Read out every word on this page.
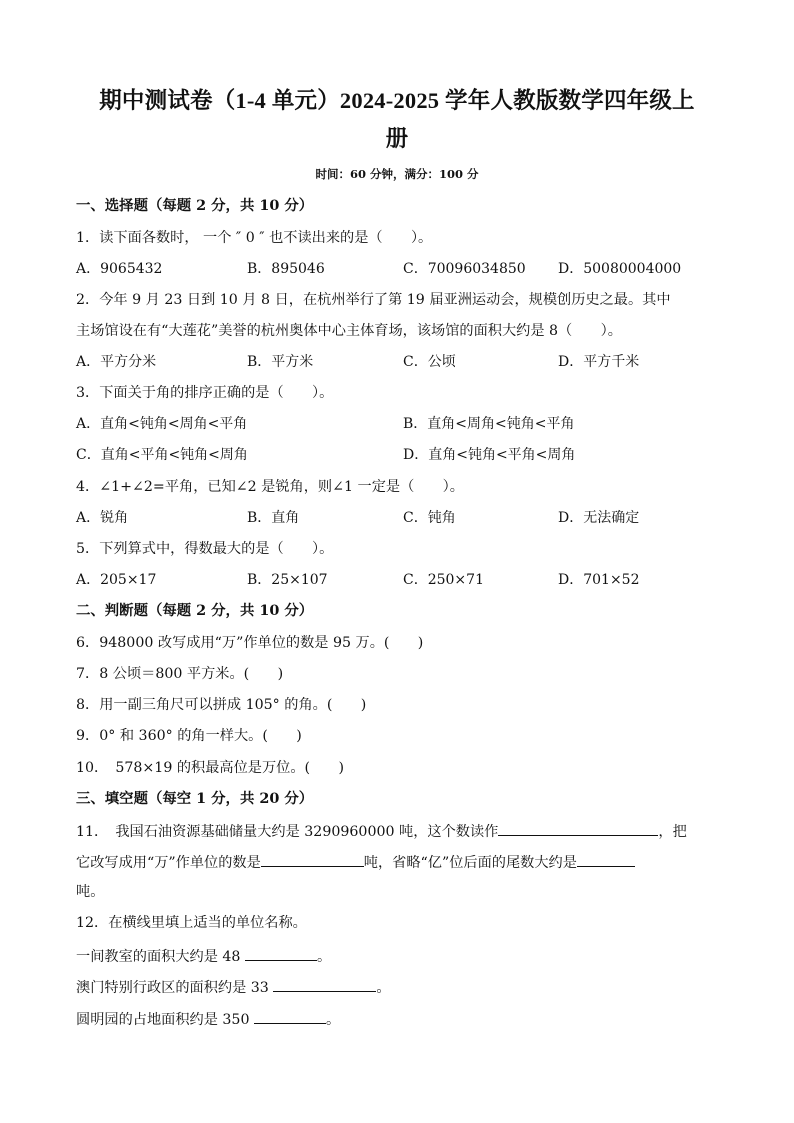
期中测试卷（1-4 单元）2024-2025 学年人教版数学四年级上
册
时间：60 分钟，满分：100 分
一、选择题（每题 2 分，共 10 分）
1．读下面各数时， 一个 ″ 0 ″ 也不读出来的是（　　）。
A．9065432	B．895046	C．70096034850 D．50080004000
2．今年 9 月 23 日到 10 月 8 日，在杭州举行了第 19 届亚洲运动会，规模创历史之最。其中
主场馆设在有“大莲花”美誉的杭州奥体中心主体育场，该场馆的面积大约是 8（　　）。
A．平方分米	B．平方米	C．公顷	D．平方千米
3．下面关于角的排序正确的是（　　）。
A．直角<钝角<周角<平角	B．直角<周角<钝角<平角
C．直角<平角<钝角<周角	D．直角<钝角<平角<周角
4．∠1+∠2=平角，已知∠2 是锐角，则∠1 一定是（　　）。
A．锐角	B．直角	C．钝角	D．无法确定
5．下列算式中，得数最大的是（　　）。
A．205×17	B．25×107	C．250×71	D．701×52
二、判断题（每题 2 分，共 10 分）
6．948000 改写成用“万”作单位的数是 95 万。(　　)
7．8 公顷＝800 平方米。(　　)
8．用一副三角尺可以拼成 105° 的角。(　　)
9．0° 和 360° 的角一样大。(　　)
10．　578×19 的积最高位是万位。(　　)
三、填空题（每空 1 分，共 20 分）
11．　我国石油资源基础储量大约是 3290960000 吨，这个数读作	，把
它改写成用“万”作单位的数是	吨，省略“亿”位后面的尾数大约是
吨。
12．在横线里填上适当的单位名称。
一间教室的面积大约是 48	。
澳门特别行政区的面积约是 33	。
圆明园的占地面积约是 350	。
